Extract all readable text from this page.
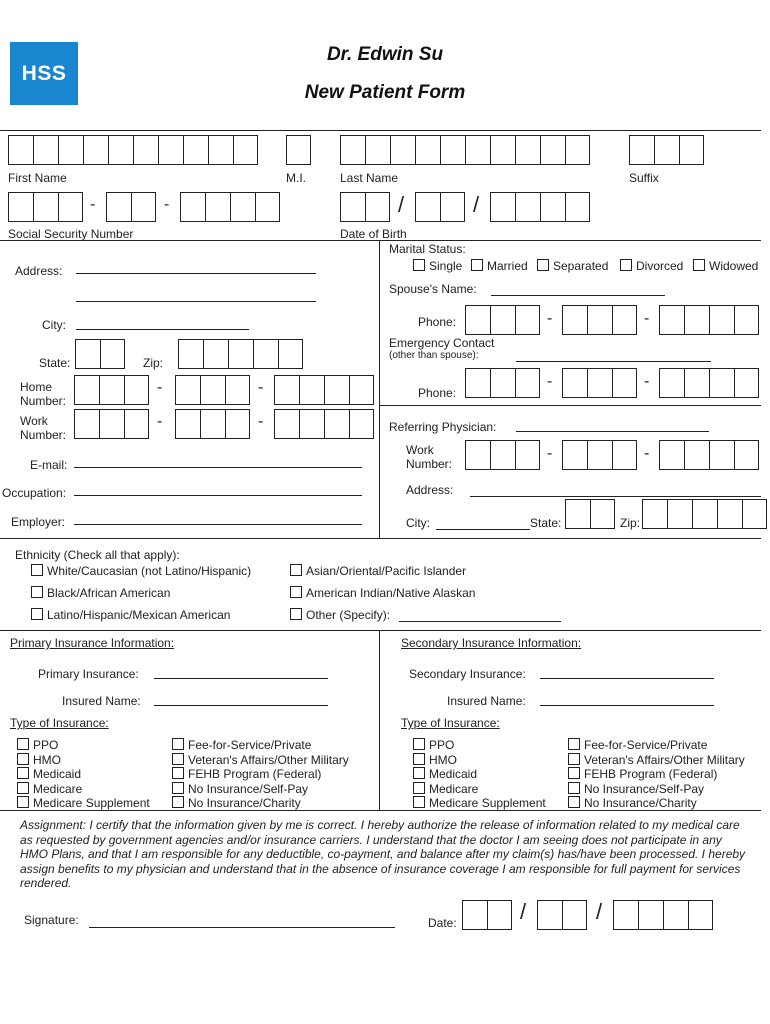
HSS
Dr. Edwin Su
New Patient Form
First Name	M.I.	Last Name	Suffix
-	-	/	/
Social Security Number	Date of Birth
Address:
City:
State:	Zip:
Home
Number:
-	-
Work
Number:
-	-
E-mail:
Occupation:
Employer:
Marital Status:
Single	Married	Separated	Divorced	Widowed
Spouse's Name:
Phone:	-	-
Emergency Contact
(other than spouse):
Phone:
-	-
Referring Physician:
Work
Number:
-	-
Address:
City:	State:	Zip:
Ethnicity (Check all that apply):
White/Caucasian (not Latino/Hispanic)	Asian/Oriental/Pacific Islander
Black/African American	American Indian/Native Alaskan
Latino/Hispanic/Mexican American	Other (Specify):
Primary Insurance Information:	Secondary Insurance Information:
Primary Insurance:	Secondary Insurance:
Insured Name:	Insured Name:
Type of Insurance:	Type of Insurance:
PPO
HMO
Medicaid
Medicare
Medicare Supplement
Fee-for-Service/Private
Veteran's Affairs/Other Military
FEHB Program (Federal)
No Insurance/Self-Pay
No Insurance/Charity
PPO
HMO
Medicaid
Medicare
Medicare Supplement
Fee-for-Service/Private
Veteran's Affairs/Other Military
FEHB Program (Federal)
No Insurance/Self-Pay
No Insurance/Charity
Assignment: I certify that the information given by me is correct. I hereby authorize the release of information related to my medical care as requested by government agencies and/or insurance carriers. I understand that the doctor I am seeing does not participate in any HMO Plans, and that I am responsible for any deductible, co-payment, and balance after my claim(s) has/have been processed. I hereby assign benefits to my physician and understand that in the absence of insurance coverage I am responsible for full payment for services rendered.
Signature:	Date:	/	/
